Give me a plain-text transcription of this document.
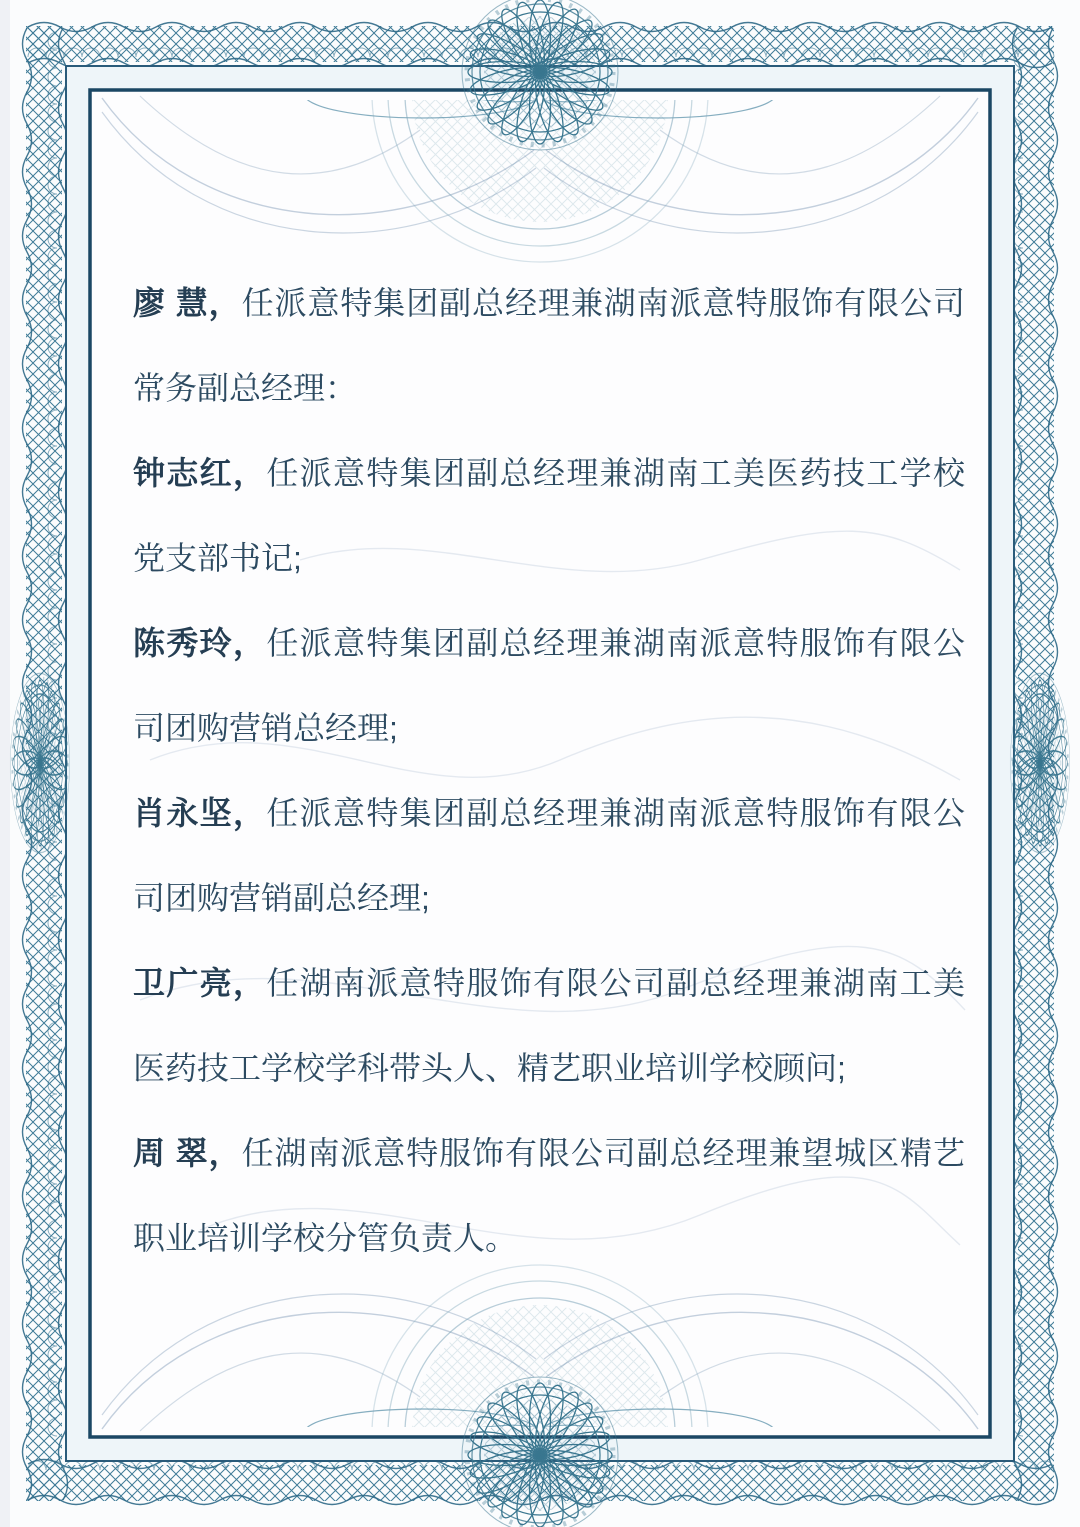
廖 慧，任派意特集团副总经理兼湖南派意特服饰有限公司
常务副总经理：
钟志红，任派意特集团副总经理兼湖南工美医药技工学校
党支部书记;
陈秀玲，任派意特集团副总经理兼湖南派意特服饰有限公
司团购营销总经理;
肖永坚，任派意特集团副总经理兼湖南派意特服饰有限公
司团购营销副总经理;
卫广亮，任湖南派意特服饰有限公司副总经理兼湖南工美
医药技工学校学科带头人、精艺职业培训学校顾问;
周 翠，任湖南派意特服饰有限公司副总经理兼望城区精艺
职业培训学校分管负责人。
